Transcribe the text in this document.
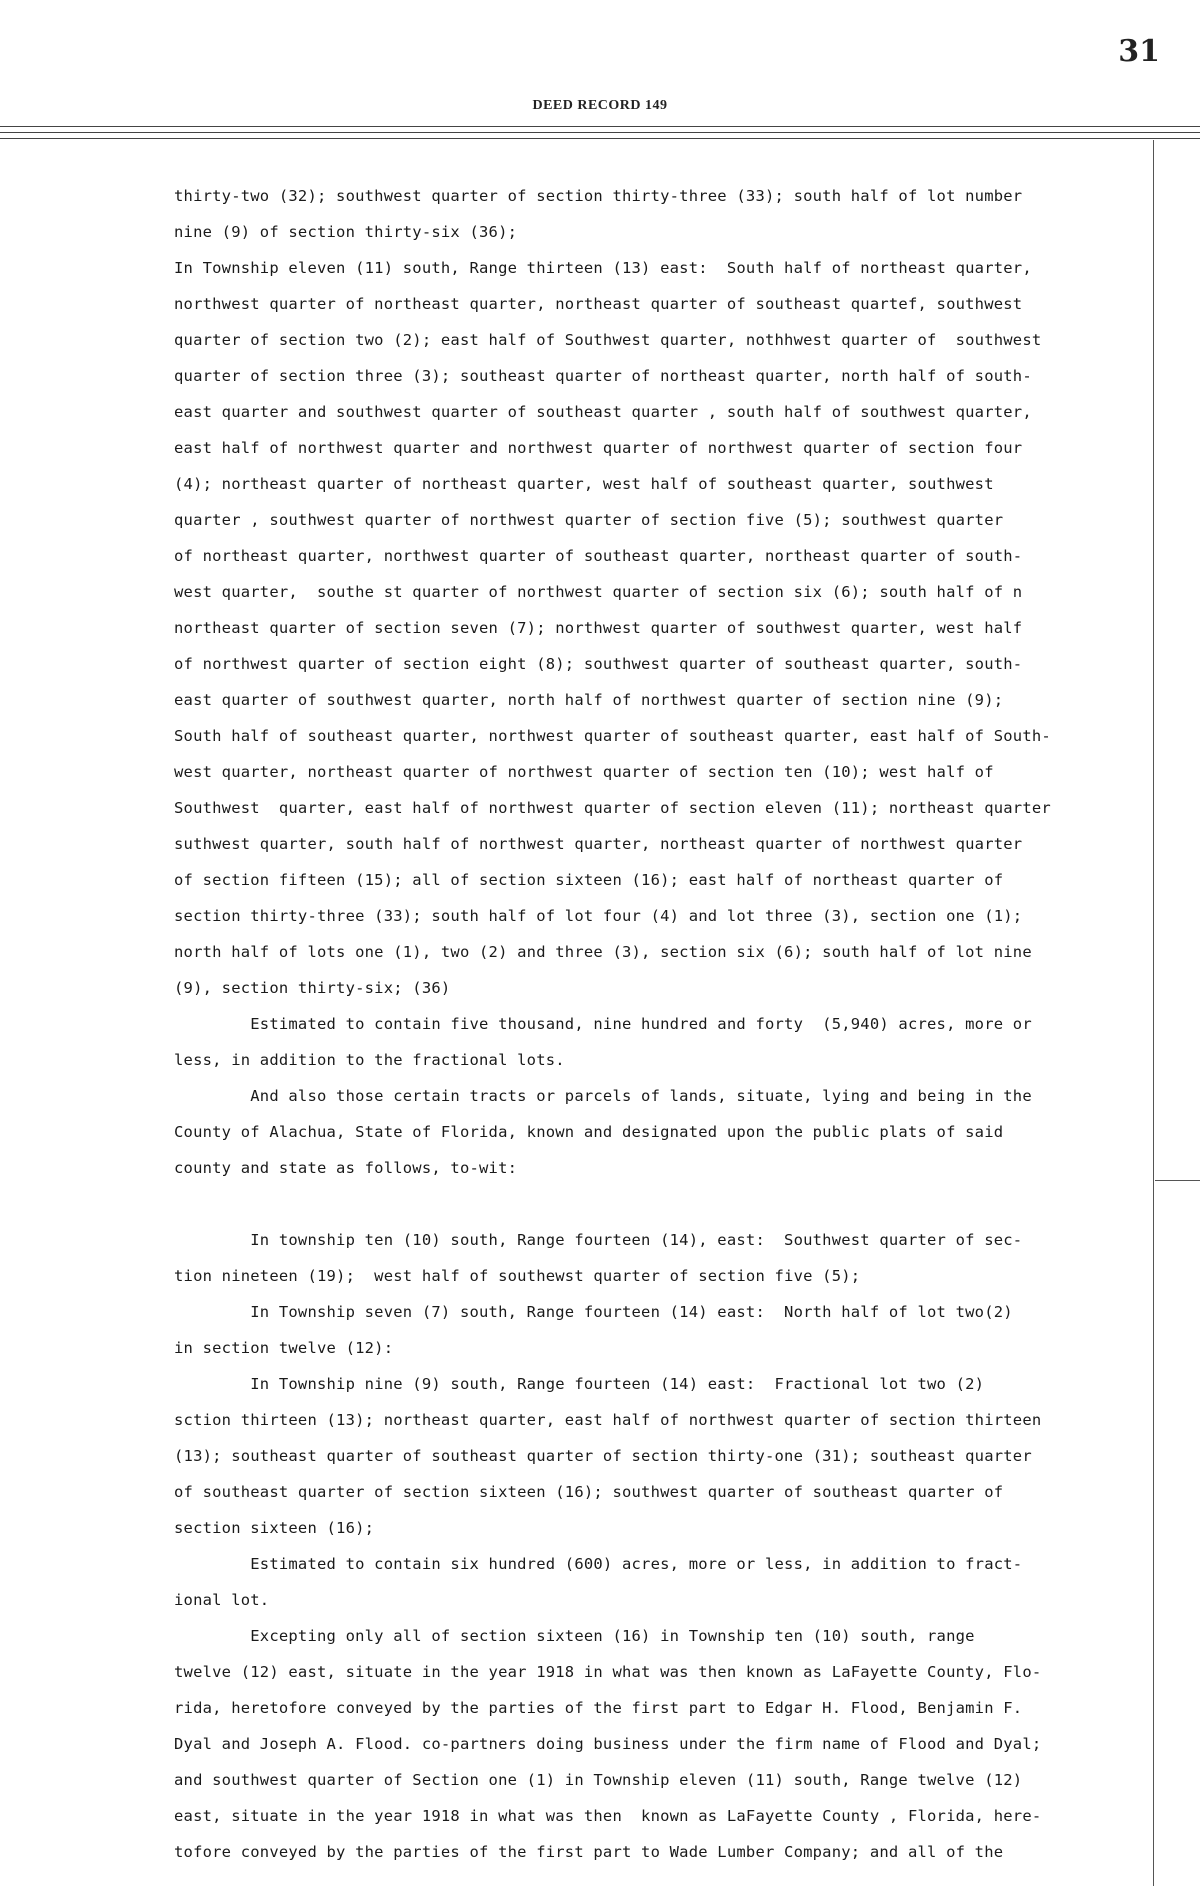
31
DEED RECORD 149
thirty-two (32); southwest quarter of section thirty-three (33); south half of lot number
nine (9) of section thirty-six (36);
In Township eleven (11) south, Range thirteen (13) east:  South half of northeast quarter,
northwest quarter of northeast quarter, northeast quarter of southeast quartef, southwest
quarter of section two (2); east half of Southwest quarter, nothhwest quarter of  southwest
quarter of section three (3); southeast quarter of northeast quarter, north half of south-
east quarter and southwest quarter of southeast quarter , south half of southwest quarter,
east half of northwest quarter and northwest quarter of northwest quarter of section four
(4); northeast quarter of northeast quarter, west half of southeast quarter, southwest
quarter , southwest quarter of northwest quarter of section five (5); southwest quarter
of northeast quarter, northwest quarter of southeast quarter, northeast quarter of south-
west quarter,  southe st quarter of northwest quarter of section six (6); south half of n
northeast quarter of section seven (7); northwest quarter of southwest quarter, west half
of northwest quarter of section eight (8); southwest quarter of southeast quarter, south-
east quarter of southwest quarter, north half of northwest quarter of section nine (9);
South half of southeast quarter, northwest quarter of southeast quarter, east half of South-
west quarter, northeast quarter of northwest quarter of section ten (10); west half of
Southwest  quarter, east half of northwest quarter of section eleven (11); northeast quarter
suthwest quarter, south half of northwest quarter, northeast quarter of northwest quarter
of section fifteen (15); all of section sixteen (16); east half of northeast quarter of
section thirty-three (33); south half of lot four (4) and lot three (3), section one (1);
north half of lots one (1), two (2) and three (3), section six (6); south half of lot nine
(9), section thirty-six; (36)
Estimated to contain five thousand, nine hundred and forty  (5,940) acres, more or
less, in addition to the fractional lots.
And also those certain tracts or parcels of lands, situate, lying and being in the
County of Alachua, State of Florida, known and designated upon the public plats of said
county and state as follows, to-wit:
In township ten (10) south, Range fourteen (14), east:  Southwest quarter of sec-
tion nineteen (19);  west half of southewst quarter of section five (5);
In Township seven (7) south, Range fourteen (14) east:  North half of lot two(2)
in section twelve (12):
In Township nine (9) south, Range fourteen (14) east:  Fractional lot two (2)
sction thirteen (13); northeast quarter, east half of northwest quarter of section thirteen
(13); southeast quarter of southeast quarter of section thirty-one (31); southeast quarter
of southeast quarter of section sixteen (16); southwest quarter of southeast quarter of
section sixteen (16);
Estimated to contain six hundred (600) acres, more or less, in addition to fract-
ional lot.
Excepting only all of section sixteen (16) in Township ten (10) south, range
twelve (12) east, situate in the year 1918 in what was then known as LaFayette County, Flo-
rida, heretofore conveyed by the parties of the first part to Edgar H. Flood, Benjamin F.
Dyal and Joseph A. Flood. co-partners doing business under the firm name of Flood and Dyal;
and southwest quarter of Section one (1) in Township eleven (11) south, Range twelve (12)
east, situate in the year 1918 in what was then  known as LaFayette County , Florida, here-
tofore conveyed by the parties of the first part to Wade Lumber Company; and all of the
